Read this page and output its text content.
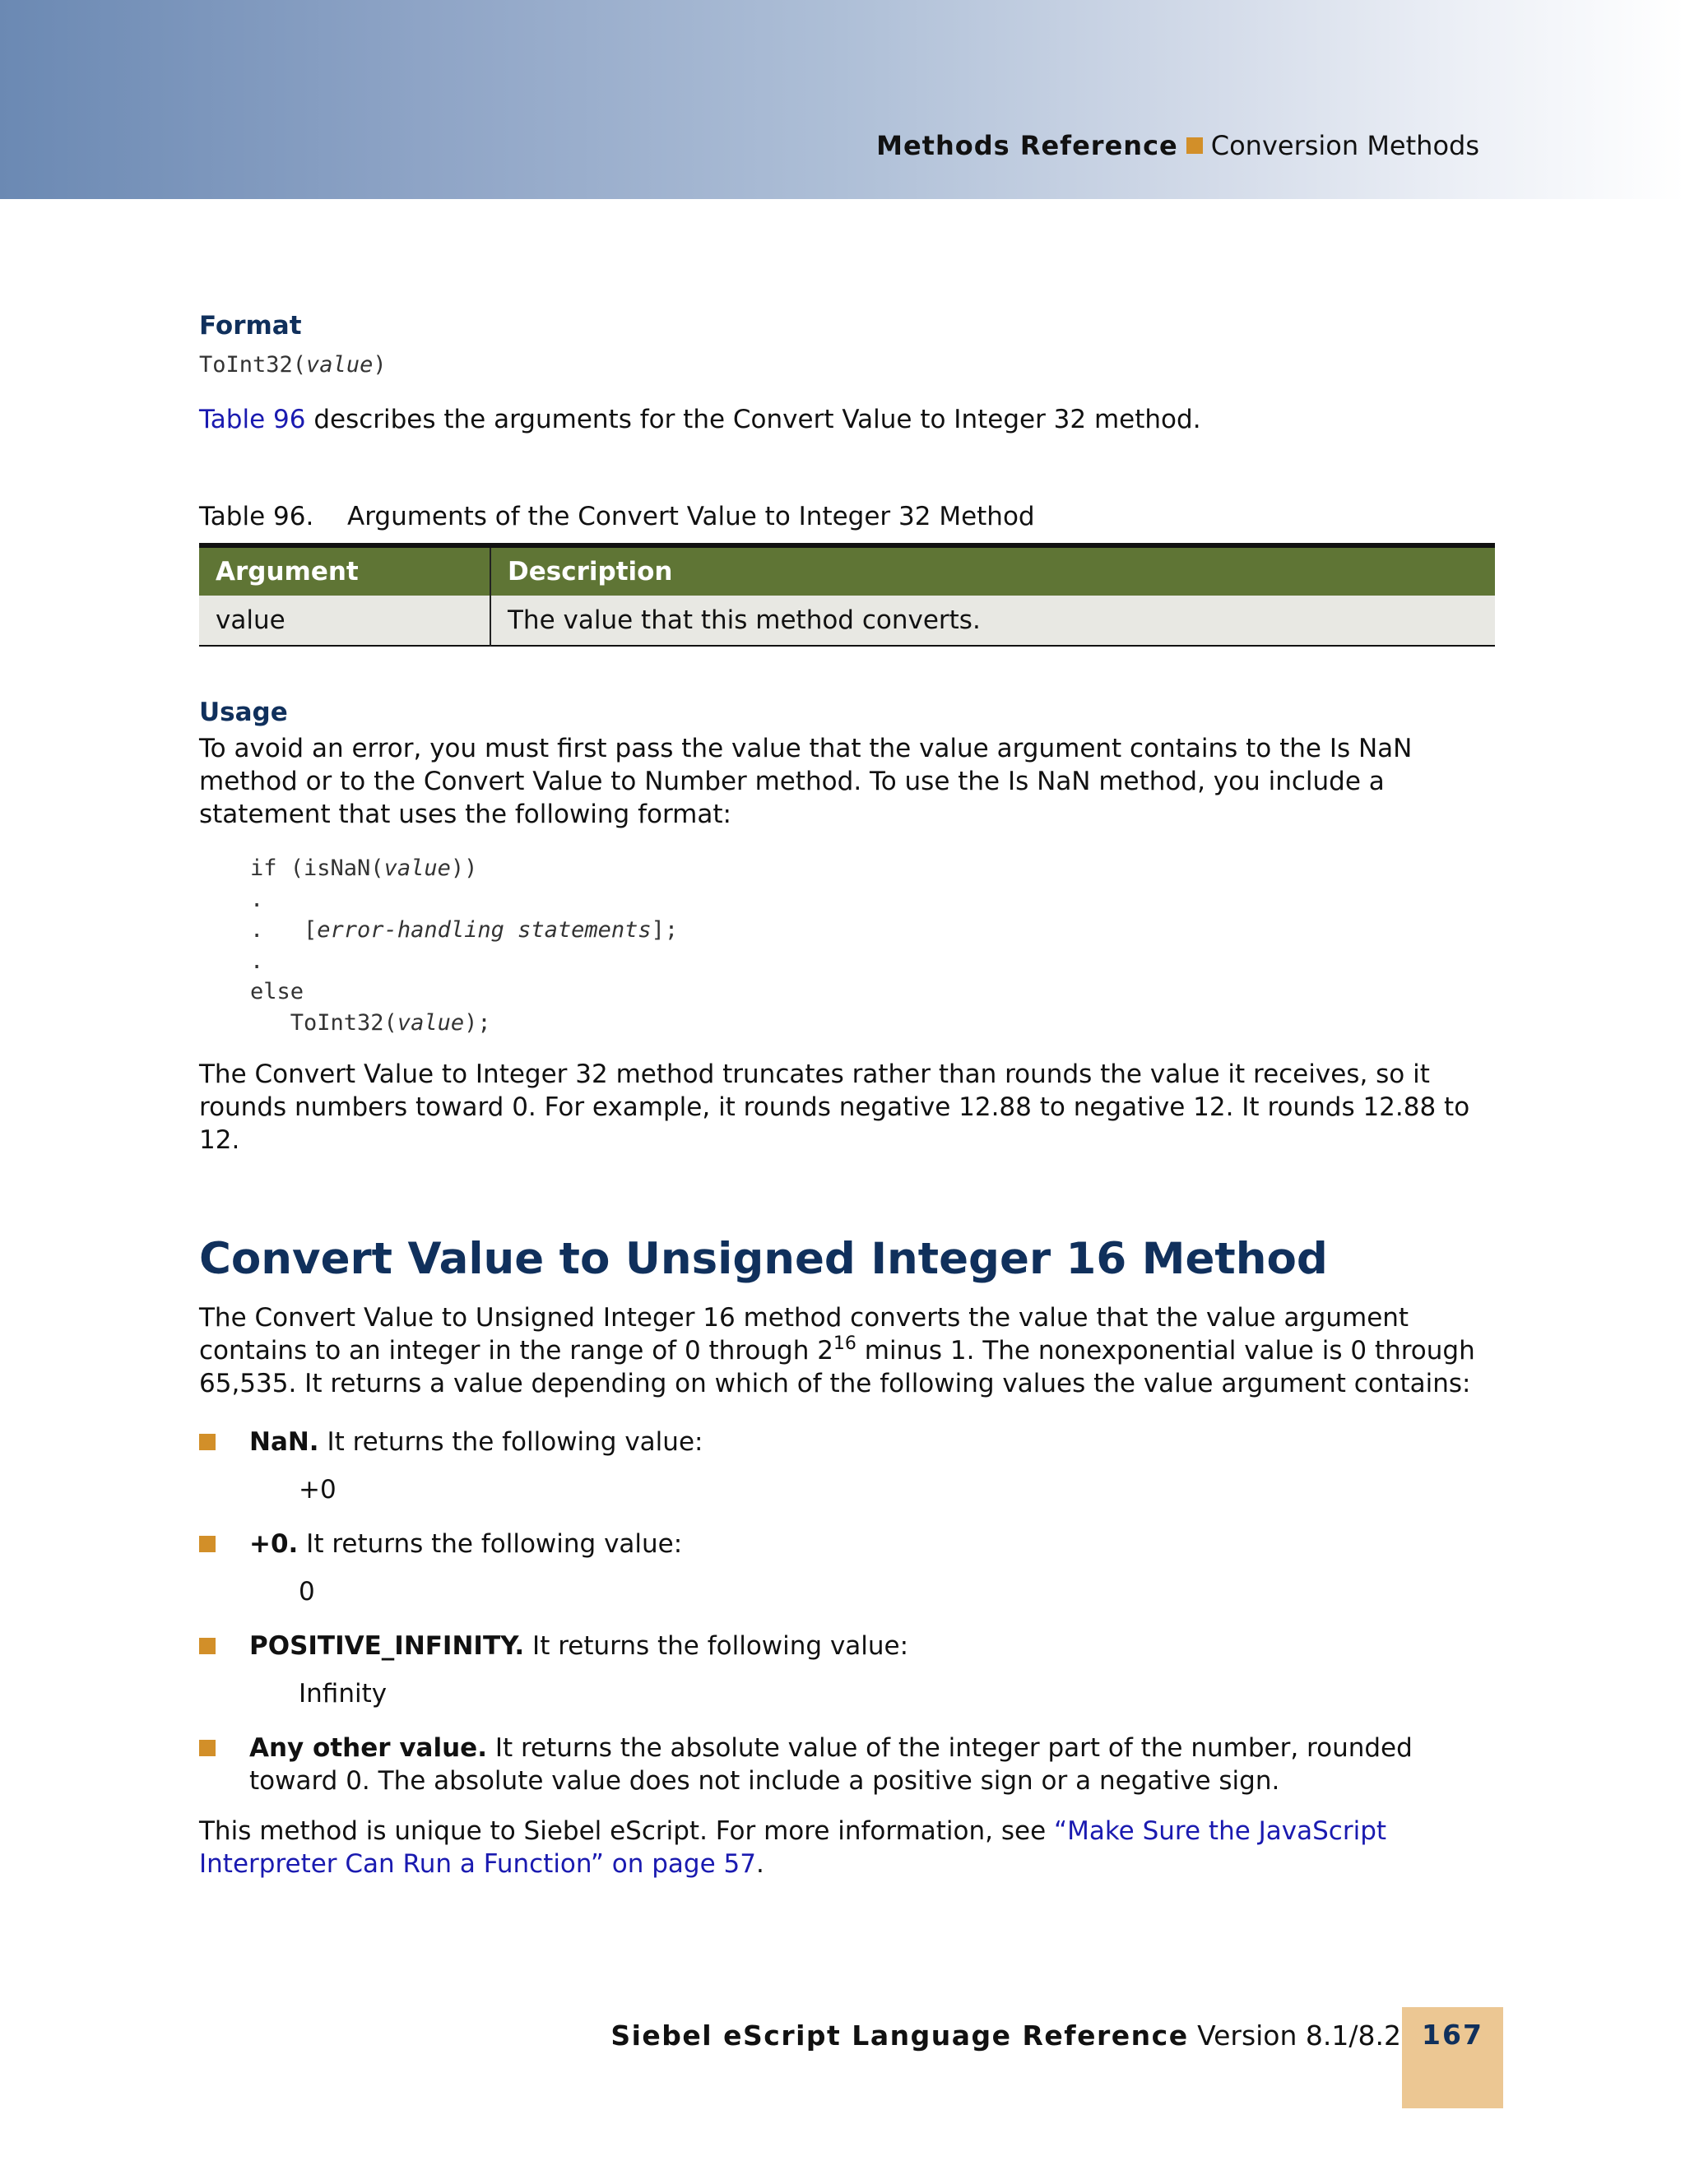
Methods Reference Conversion Methods
Format
ToInt32(value)
Table 96 describes the arguments for the Convert Value to Integer 32 method.
Table 96. Arguments of the Convert Value to Integer 32 Method
Argument	Description
value	The value that this method converts.
Usage
To avoid an error, you must first pass the value that the value argument contains to the Is NaN method or to the Convert Value to Number method. To use the Is NaN method, you include a statement that uses the following format:
if (isNaN(value))
.
.   [error-handling statements];
.
else
ToInt32(value);
The Convert Value to Integer 32 method truncates rather than rounds the value it receives, so it rounds numbers toward 0. For example, it rounds negative 12.88 to negative 12. It rounds 12.88 to 12.
Convert Value to Unsigned Integer 16 Method
The Convert Value to Unsigned Integer 16 method converts the value that the value argument contains to an integer in the range of 0 through $2^{16}$ minus 1. The nonexponential value is 0 through 65,535. It returns a value depending on which of the following values the value argument contains:
NaN. It returns the following value:
+0
+0. It returns the following value:
0
POSITIVE_INFINITY. It returns the following value:
Infinity
Any other value. It returns the absolute value of the integer part of the number, rounded toward 0. The absolute value does not include a positive sign or a negative sign.
This method is unique to Siebel eScript. For more information, see “Make Sure the JavaScript Interpreter Can Run a Function” on page 57.
Siebel eScript Language Reference Version 8.1/8.2 167
